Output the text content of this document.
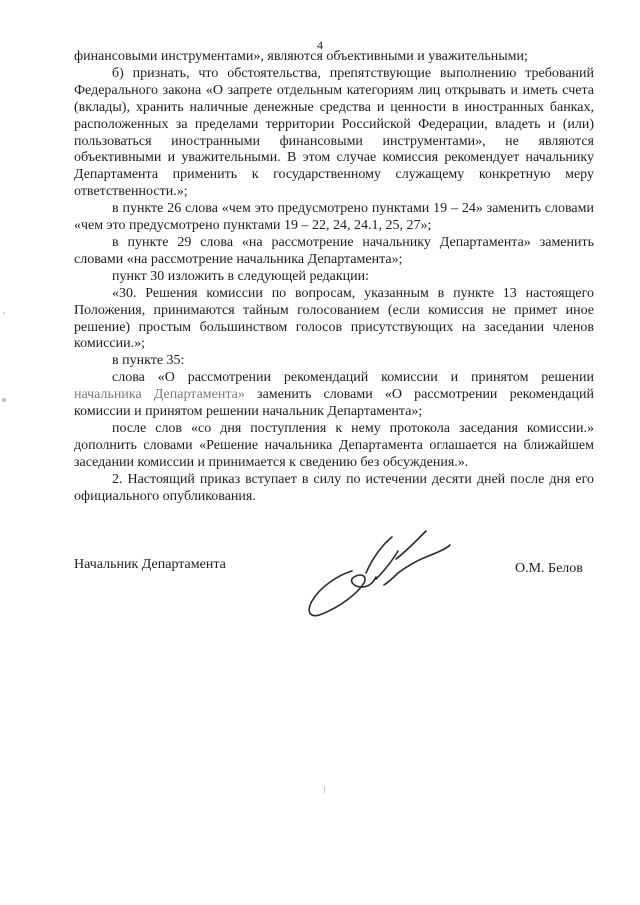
4

финансовыми инструментами», являются объективными и уважительными;

б) признать, что обстоятельства, препятствующие выполнению требований Федерального закона «О запрете отдельным категориям лиц открывать и иметь счета (вклады), хранить наличные денежные средства и ценности в иностранных банках, расположенных за пределами территории Российской Федерации, владеть и (или) пользоваться иностранными финансовыми инструментами», не являются объективными и уважительными. В этом случае комиссия рекомендует начальнику Департамента применить к государственному служащему конкретную меру ответственности.»;

в пункте 26 слова «чем это предусмотрено пунктами 19 – 24» заменить словами «чем это предусмотрено пунктами 19 – 22, 24, 24.1, 25, 27»;

в пункте 29 слова «на рассмотрение начальнику Департамента» заменить словами «на рассмотрение начальника Департамента»;

пункт 30 изложить в следующей редакции:

«30. Решения комиссии по вопросам, указанным в пункте 13 настоящего Положения, принимаются тайным голосованием (если комиссия не примет иное решение) простым большинством голосов присутствующих на заседании членов комиссии.»;

в пункте 35:

слова «О рассмотрении рекомендаций комиссии и принятом решении начальника Департамента» заменить словами «О рассмотрении рекомендаций комиссии и принятом решении начальник Департамента»;

после слов «со дня поступления к нему протокола заседания комиссии.» дополнить словами «Решение начальника Департамента оглашается на ближайшем заседании комиссии и принимается к сведению без обсуждения.».

2. Настоящий приказ вступает в силу по истечении десяти дней после дня его официального опубликования.

Начальник Департамента	О.М. Белов
